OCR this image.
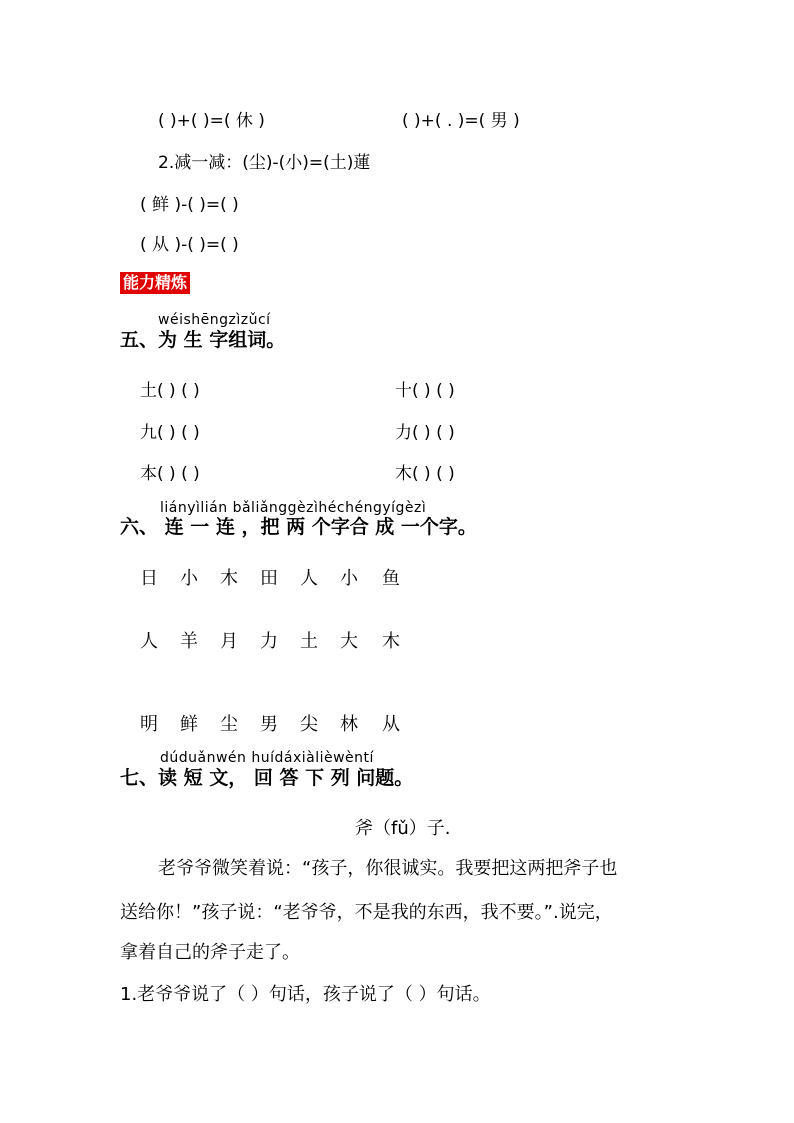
( )+( )=( 休 )	( )+( . )=( 男 )
2.减一减：(尘)-(小)=(土)蓮
( 鲜 )-( )=( )
( 从 )-( )=( )
能力精炼
wéishēngzìzǔcí
五、为 生 字组词。
土( ) ( )	十( ) ( )
九( ) ( )	力( ) ( )
本( ) ( )	木( ) ( )
liányìlián bǎliǎnggèzìhéchéngyígèzì
六、 连 一 连 ，把 两 个字合 成 一个字。
日 小 木 田 人 小 鱼
人 羊 月 力 土 大 木
明 鲜 尘 男 尖 林 从
dúduǎnwén huídáxiàlièwèntí
七、读 短 文， 回 答 下 列 问题。
斧（fǔ）子.
老爷爷微笑着说：“孩子，你很诚实。我要把这两把斧子也
送给你！”孩子说：“老爷爷，不是我的东西，我不要。”.说完，
拿着自己的斧子走了。
1.老爷爷说了（ ）句话，孩子说了（ ）句话。
